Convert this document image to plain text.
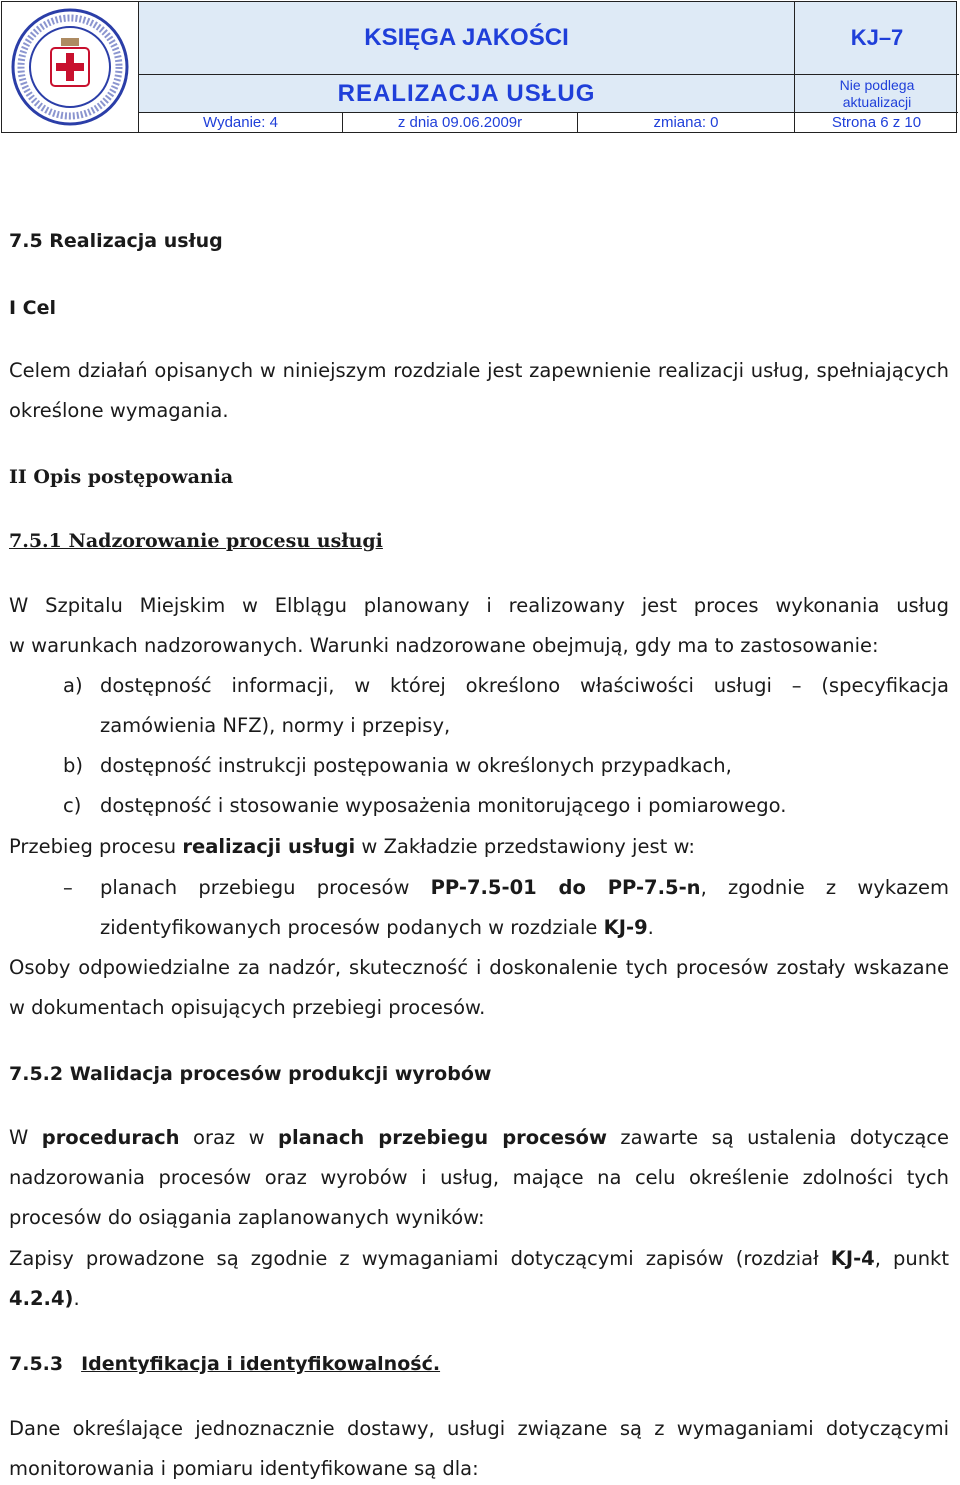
KSIĘGA JAKOŚCI	KJ–7
REALIZACJA USŁUG	Nie podlega
aktualizacji
Wydanie: 4	z dnia 09.06.2009r	zmiana: 0	Strona 6 z 10
7.5 Realizacja usług
I Cel
Celem działań opisanych w niniejszym rozdziale jest zapewnienie realizacji usług, spełniających
określone wymagania.
II Opis postępowania
7.5.1 Nadzorowanie procesu usługi
W Szpitalu Miejskim w Elblągu planowany i realizowany jest proces wykonania usług
w warunkach nadzorowanych. Warunki nadzorowane obejmują, gdy ma to zastosowanie:
a) dostępność informacji, w której określono właściwości usługi – (specyfikacja
zamówienia NFZ), normy i przepisy,
b) dostępność instrukcji postępowania w określonych przypadkach,
c) dostępność i stosowanie wyposażenia monitorującego i pomiarowego.
Przebieg procesu realizacji usługi w Zakładzie przedstawiony jest w:
– planach przebiegu procesów PP-7.5-01 do PP-7.5-n, zgodnie z wykazem
zidentyfikowanych procesów podanych w rozdziale KJ-9.
Osoby odpowiedzialne za nadzór, skuteczność i doskonalenie tych procesów zostały wskazane
w dokumentach opisujących przebiegi procesów.
7.5.2 Walidacja procesów produkcji wyrobów
W procedurach oraz w planach przebiegu procesów zawarte są ustalenia dotyczące
nadzorowania procesów oraz wyrobów i usług, mające na celu określenie zdolności tych
procesów do osiągania zaplanowanych wyników:
Zapisy prowadzone są zgodnie z wymaganiami dotyczącymi zapisów (rozdział KJ-4, punkt
4.2.4).
7.5.3 Identyfikacja i identyfikowalność.
Dane określające jednoznacznie dostawy, usługi związane są z wymaganiami dotyczącymi
monitorowania i pomiaru identyfikowane są dla:
